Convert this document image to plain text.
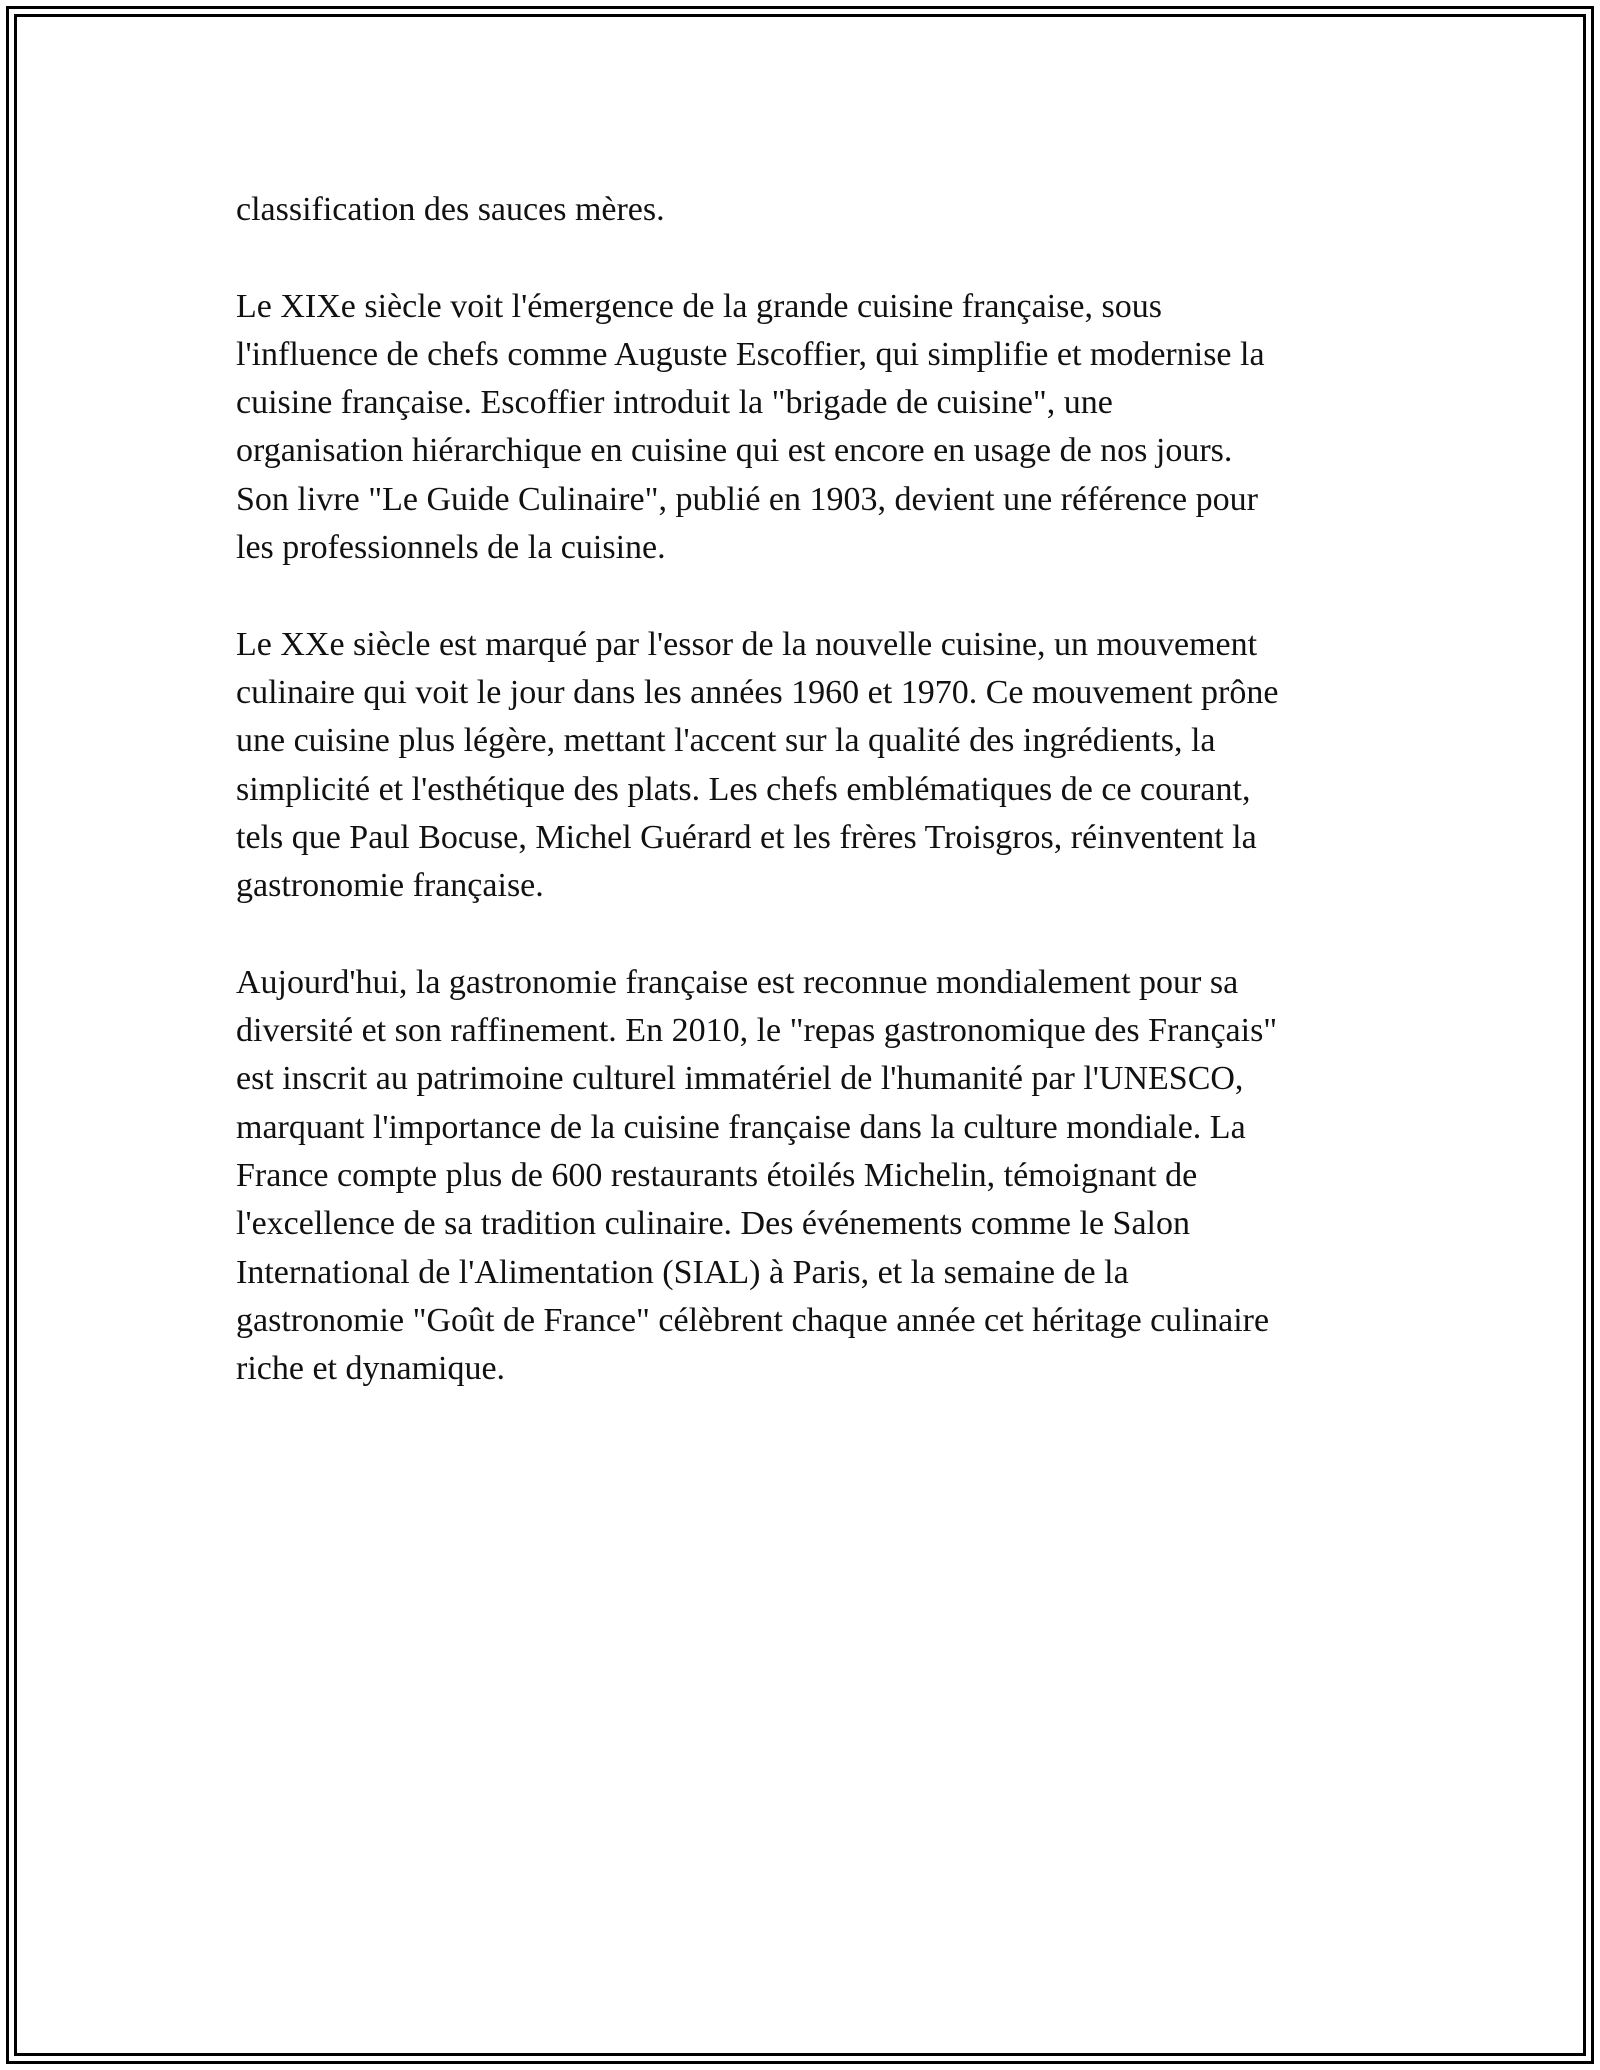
classification des sauces mères.

Le XIXe siècle voit l'émergence de la grande cuisine française, sous
l'influence de chefs comme Auguste Escoffier, qui simplifie et modernise la
cuisine française. Escoffier introduit la "brigade de cuisine", une
organisation hiérarchique en cuisine qui est encore en usage de nos jours.
Son livre "Le Guide Culinaire", publié en 1903, devient une référence pour
les professionnels de la cuisine.

Le XXe siècle est marqué par l'essor de la nouvelle cuisine, un mouvement
culinaire qui voit le jour dans les années 1960 et 1970. Ce mouvement prône
une cuisine plus légère, mettant l'accent sur la qualité des ingrédients, la
simplicité et l'esthétique des plats. Les chefs emblématiques de ce courant,
tels que Paul Bocuse, Michel Guérard et les frères Troisgros, réinventent la
gastronomie française.

Aujourd'hui, la gastronomie française est reconnue mondialement pour sa
diversité et son raffinement. En 2010, le "repas gastronomique des Français"
est inscrit au patrimoine culturel immatériel de l'humanité par l'UNESCO,
marquant l'importance de la cuisine française dans la culture mondiale. La
France compte plus de 600 restaurants étoilés Michelin, témoignant de
l'excellence de sa tradition culinaire. Des événements comme le Salon
International de l'Alimentation (SIAL) à Paris, et la semaine de la
gastronomie "Goût de France" célèbrent chaque année cet héritage culinaire
riche et dynamique.
